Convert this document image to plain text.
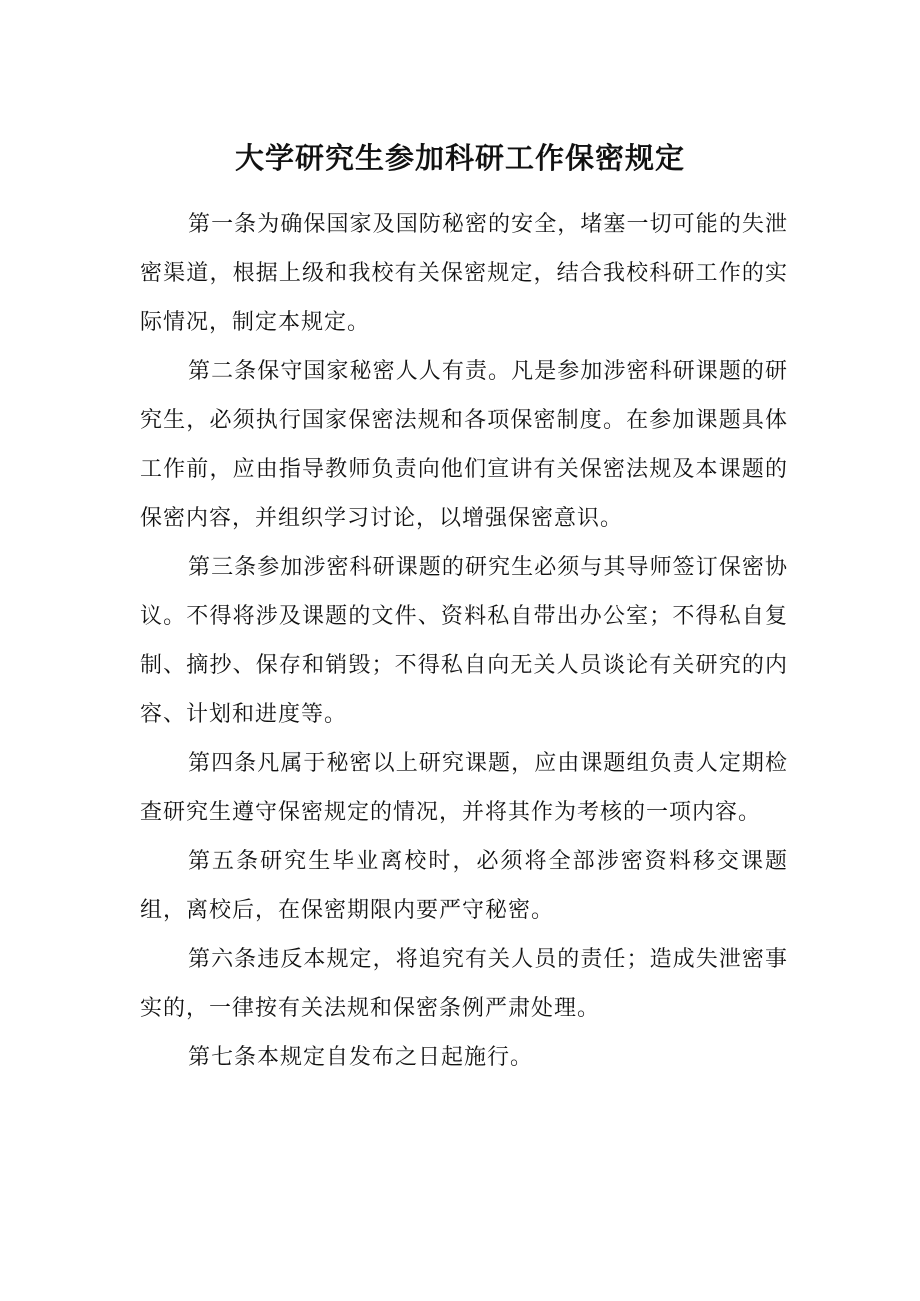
大学研究生参加科研工作保密规定

第一条为确保国家及国防秘密的安全，堵塞一切可能的失泄密渠道，根据上级和我校有关保密规定，结合我校科研工作的实际情况，制定本规定。

第二条保守国家秘密人人有责。凡是参加涉密科研课题的研究生，必须执行国家保密法规和各项保密制度。在参加课题具体工作前，应由指导教师负责向他们宣讲有关保密法规及本课题的保密内容，并组织学习讨论，以增强保密意识。

第三条参加涉密科研课题的研究生必须与其导师签订保密协议。不得将涉及课题的文件、资料私自带出办公室；不得私自复制、摘抄、保存和销毁；不得私自向无关人员谈论有关研究的内容、计划和进度等。

第四条凡属于秘密以上研究课题，应由课题组负责人定期检查研究生遵守保密规定的情况，并将其作为考核的一项内容。

第五条研究生毕业离校时，必须将全部涉密资料移交课题组，离校后，在保密期限内要严守秘密。

第六条违反本规定，将追究有关人员的责任；造成失泄密事实的，一律按有关法规和保密条例严肃处理。

第七条本规定自发布之日起施行。
